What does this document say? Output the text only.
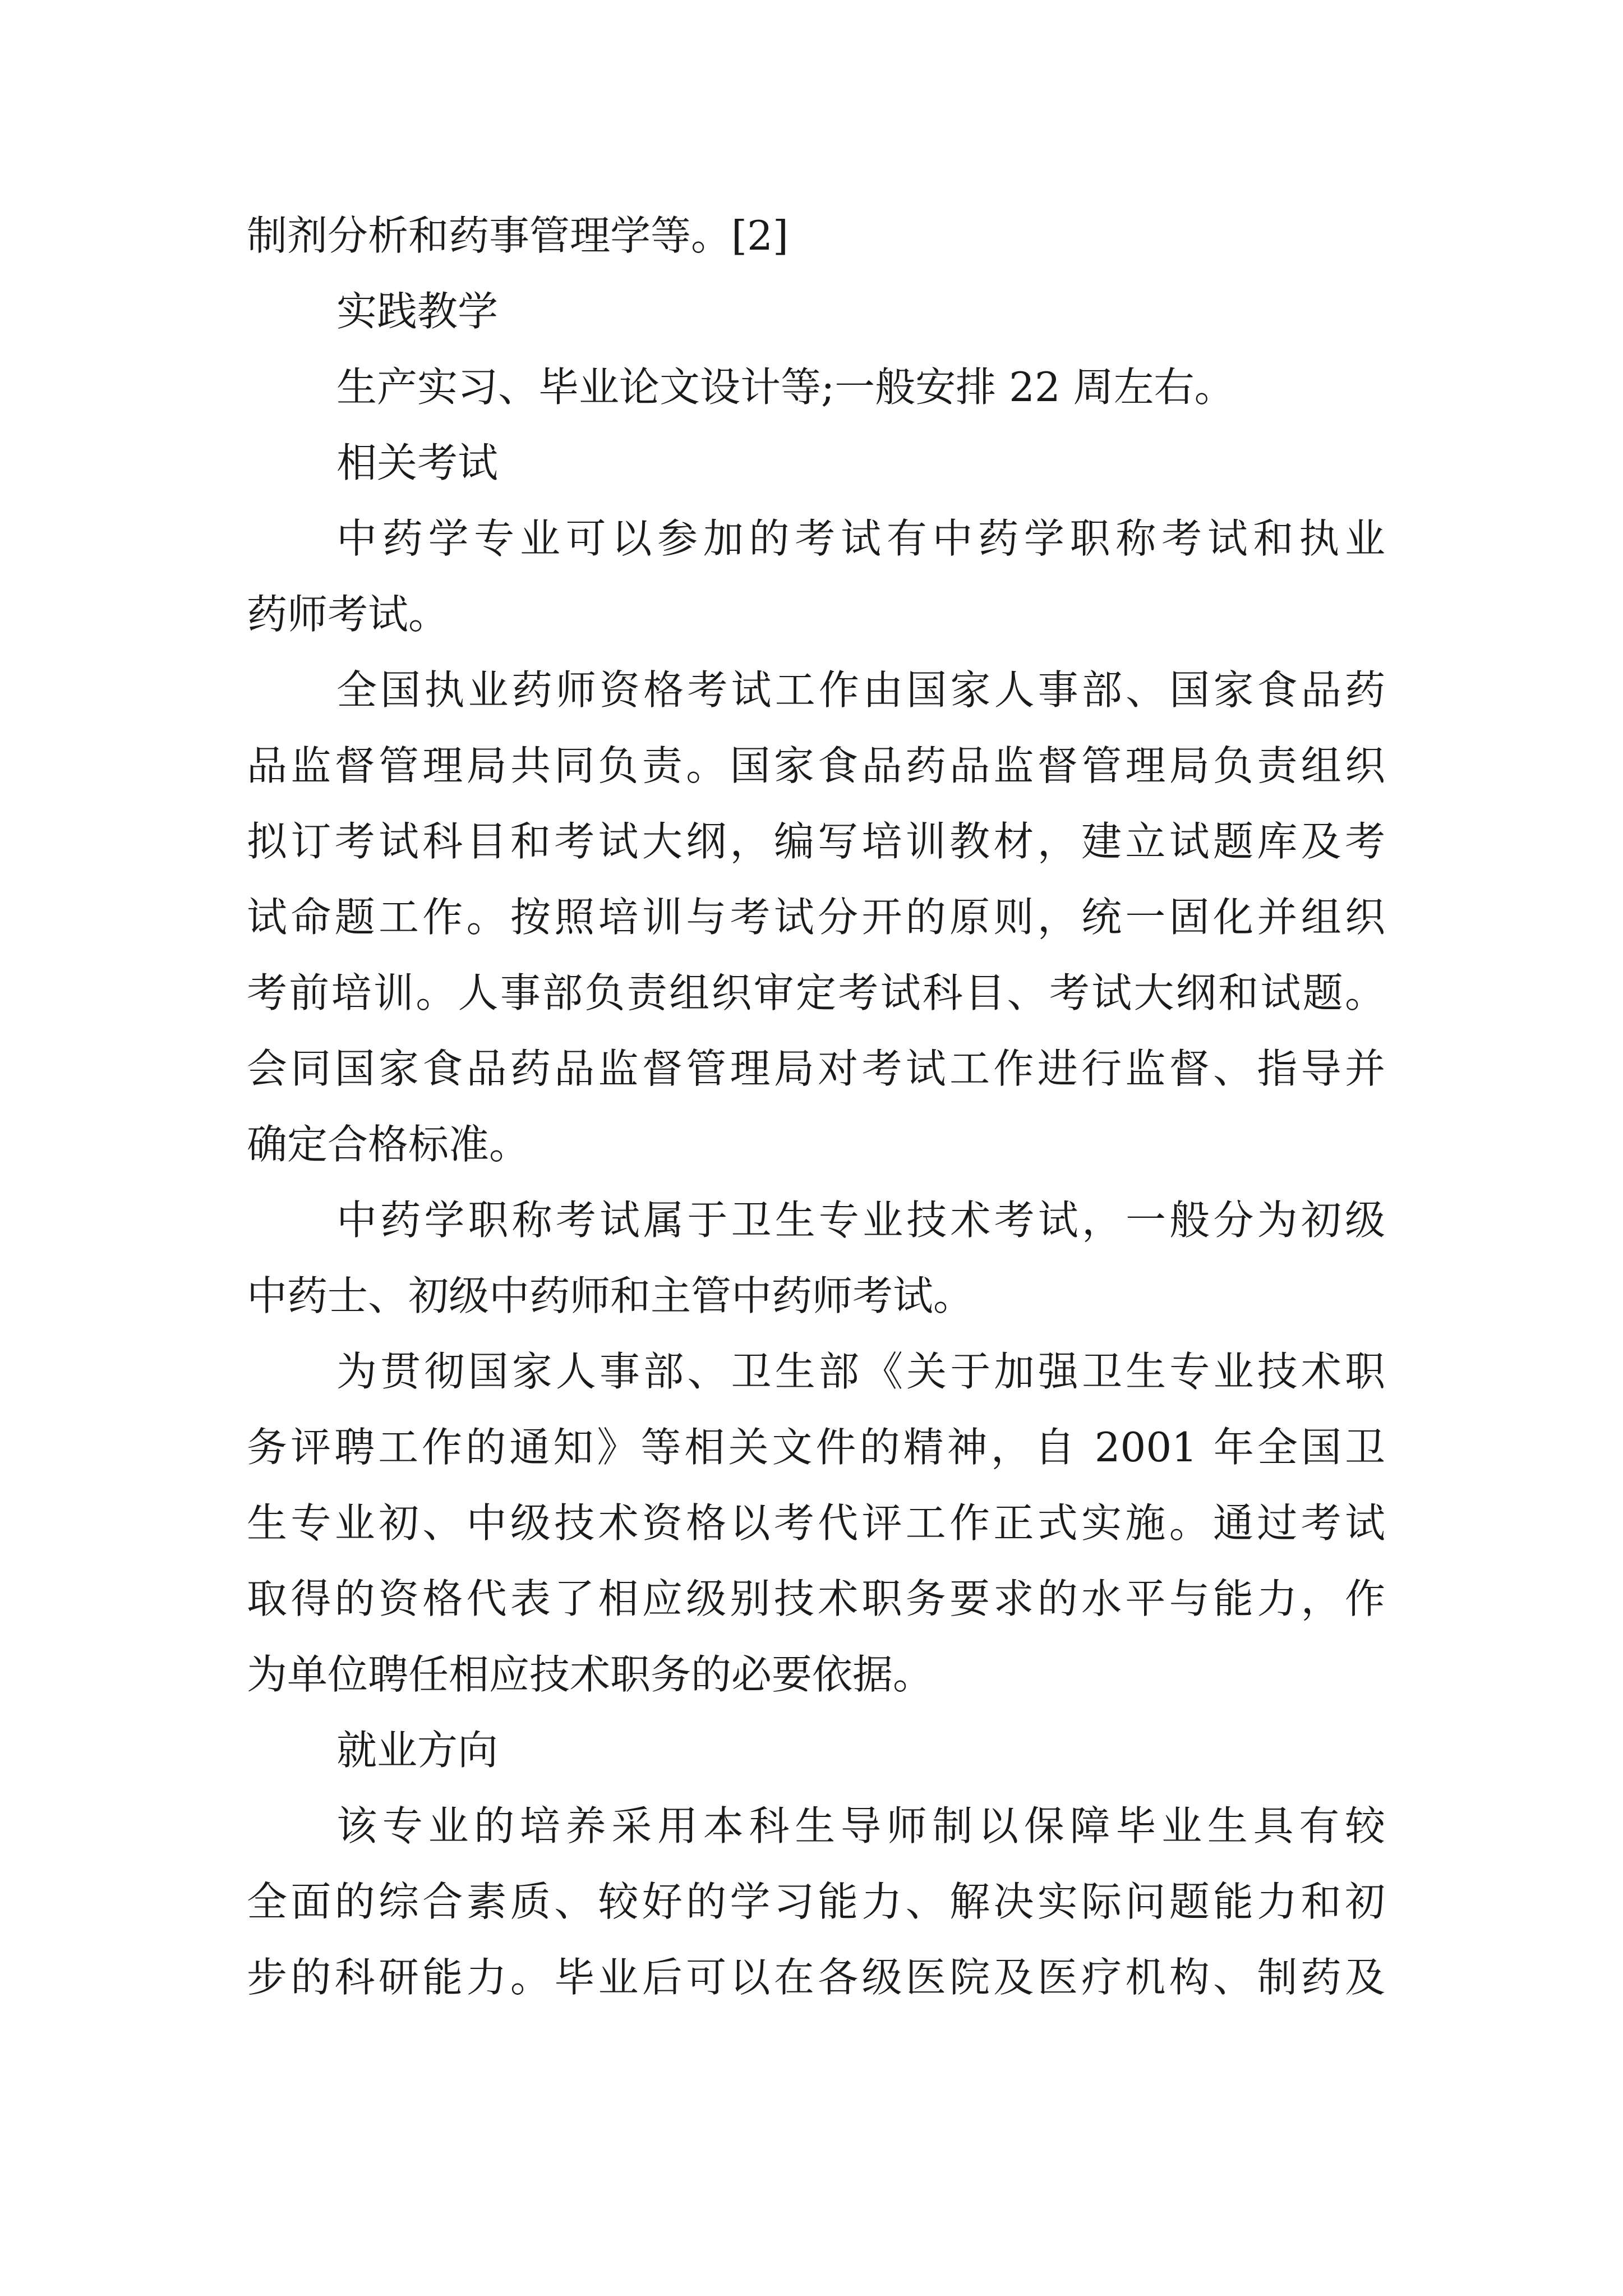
制剂分析和药事管理学等。[2]
实践教学
生产实习、毕业论文设计等;一般安排 22 周左右。
相关考试
中药学专业可以参加的考试有中药学职称考试和执业
药师考试。
全国执业药师资格考试工作由国家人事部、国家食品药
品监督管理局共同负责。国家食品药品监督管理局负责组织
拟订考试科目和考试大纲，编写培训教材，建立试题库及考
试命题工作。按照培训与考试分开的原则，统一固化并组织
考前培训。人事部负责组织审定考试科目、考试大纲和试题。
会同国家食品药品监督管理局对考试工作进行监督、指导并
确定合格标准。
中药学职称考试属于卫生专业技术考试，一般分为初级
中药士、初级中药师和主管中药师考试。
为贯彻国家人事部、卫生部《关于加强卫生专业技术职
务评聘工作的通知》等相关文件的精神，自 2001 年全国卫
生专业初、中级技术资格以考代评工作正式实施。通过考试
取得的资格代表了相应级别技术职务要求的水平与能力，作
为单位聘任相应技术职务的必要依据。
就业方向
该专业的培养采用本科生导师制以保障毕业生具有较
全面的综合素质、较好的学习能力、解决实际问题能力和初
步的科研能力。毕业后可以在各级医院及医疗机构、制药及
